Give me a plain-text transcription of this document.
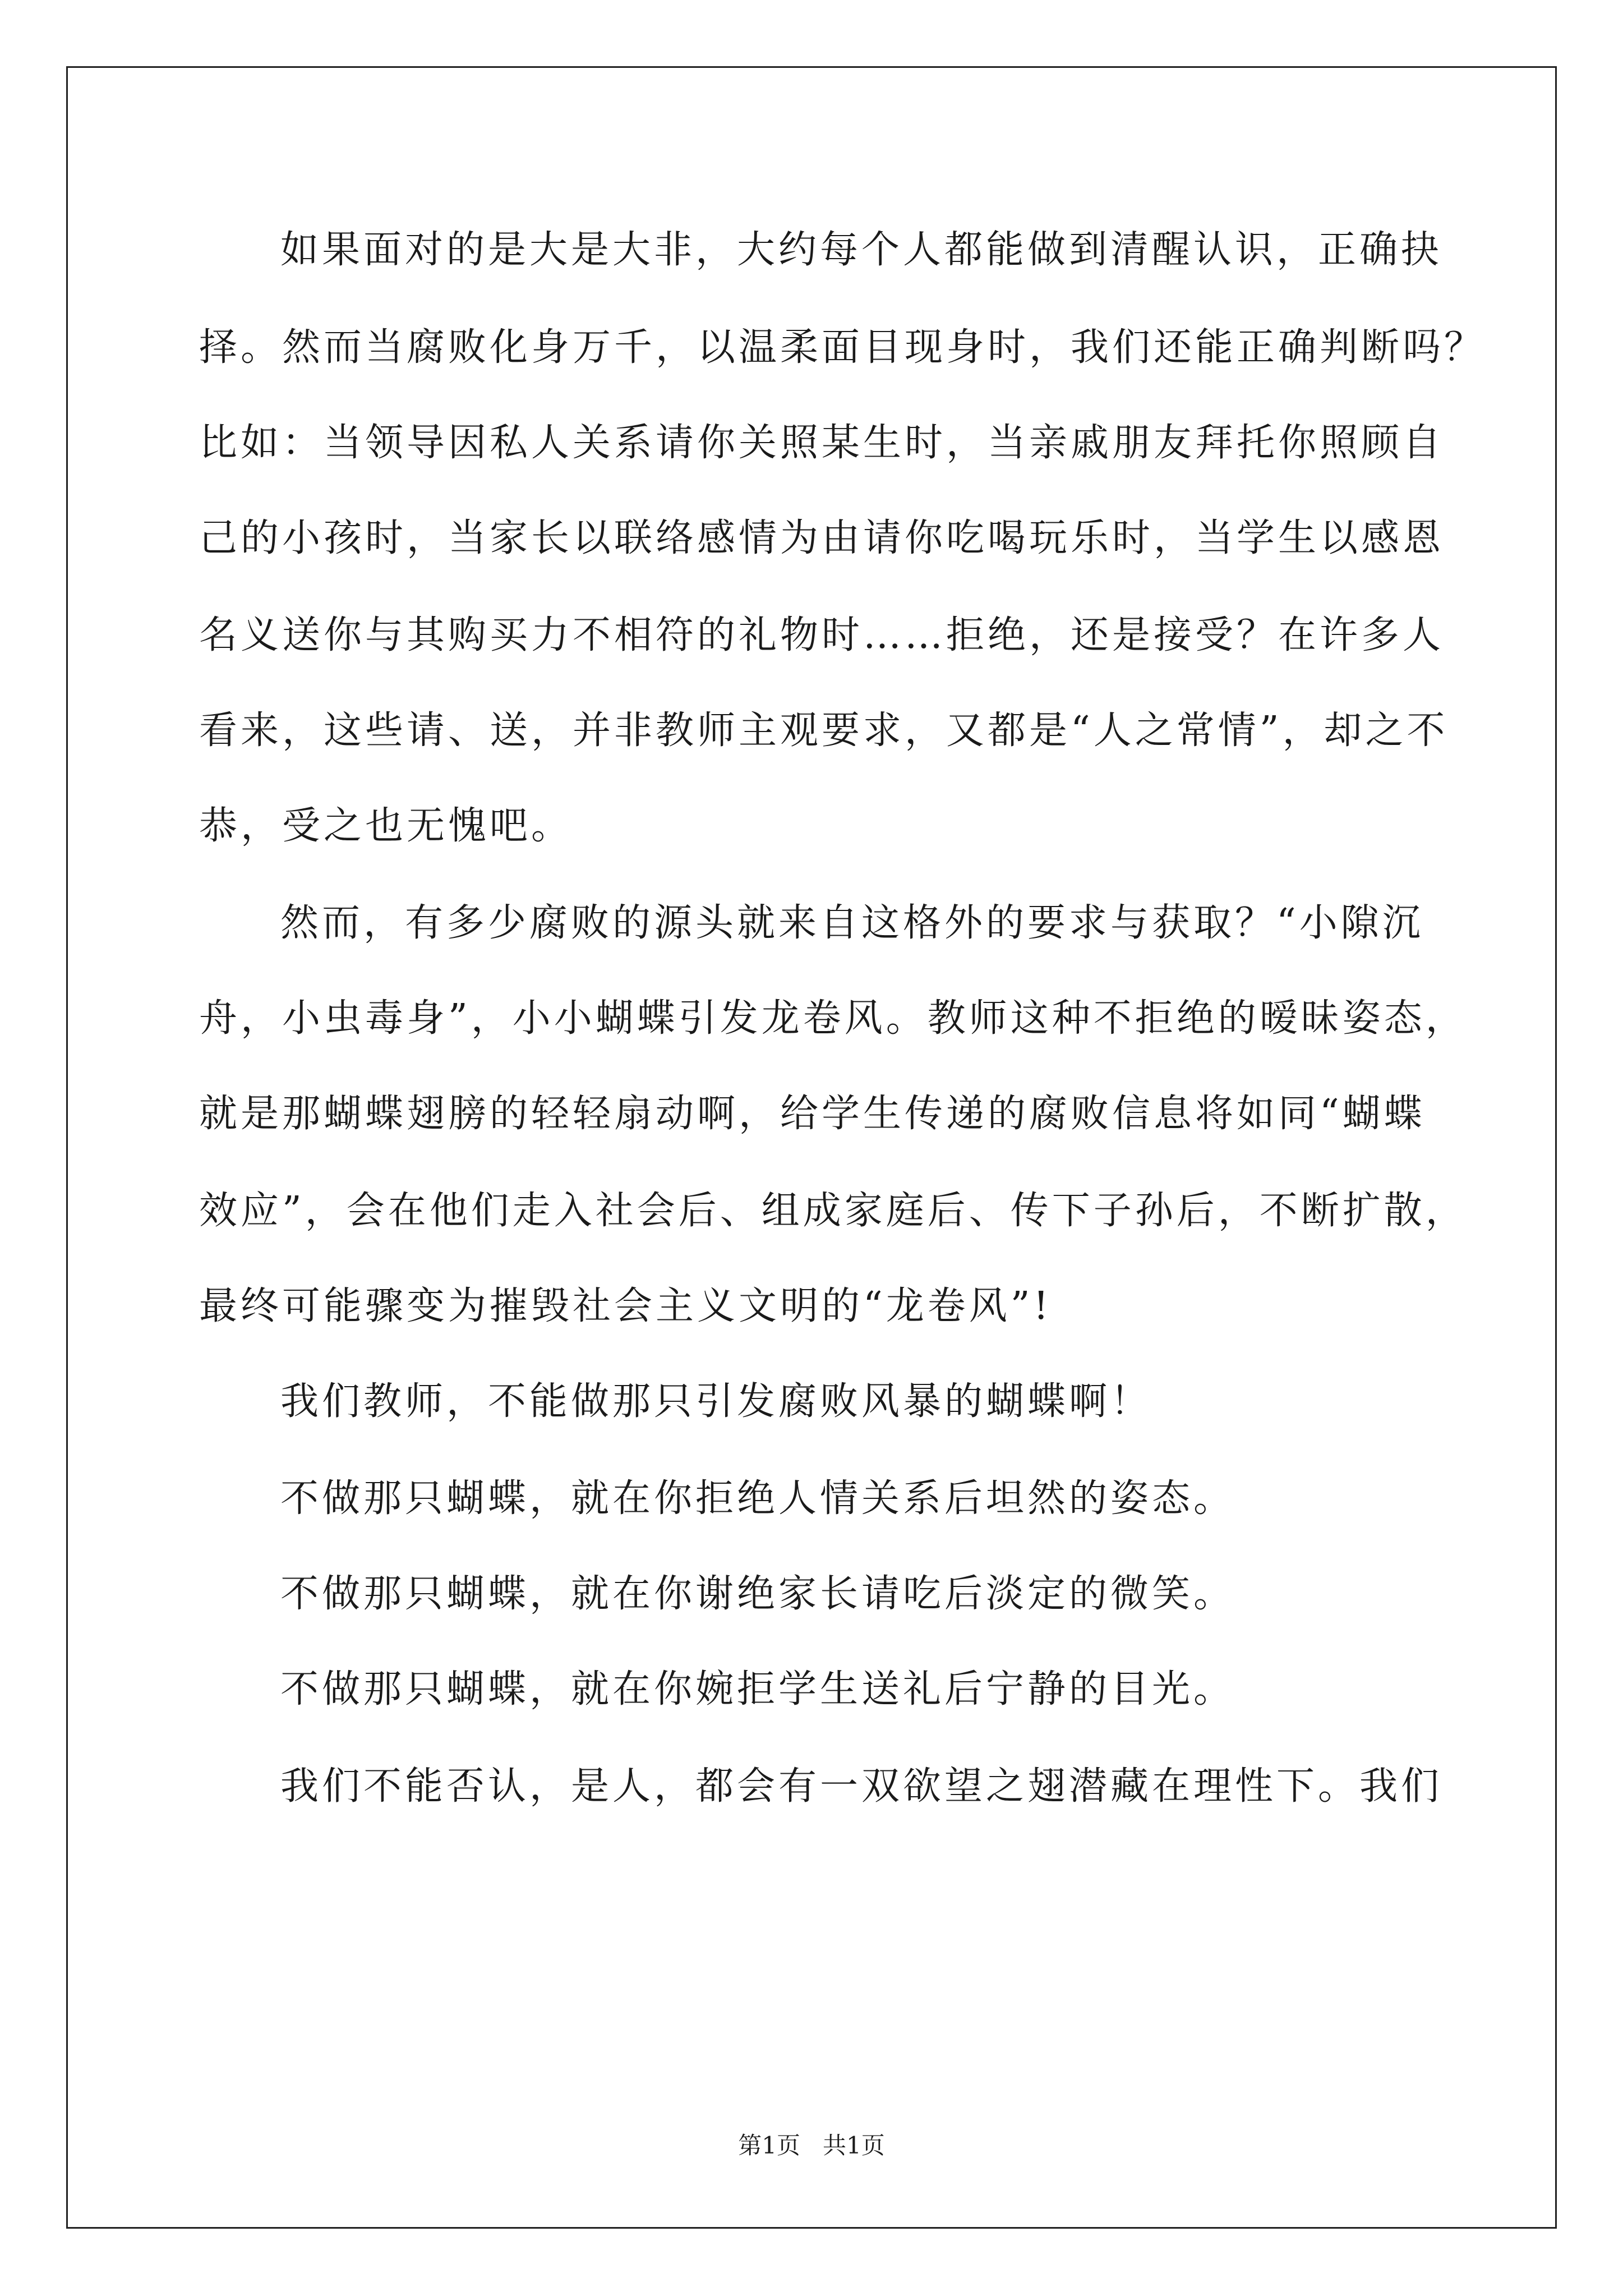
如果面对的是大是大非，大约每个人都能做到清醒认识，正确抉
择。然而当腐败化身万千，以温柔面目现身时，我们还能正确判断吗？
比如：当领导因私人关系请你关照某生时，当亲戚朋友拜托你照顾自
己的小孩时，当家长以联络感情为由请你吃喝玩乐时，当学生以感恩
名义送你与其购买力不相符的礼物时……拒绝，还是接受？在许多人
看来，这些请、送，并非教师主观要求，又都是“人之常情”，却之不
恭，受之也无愧吧。
然而，有多少腐败的源头就来自这格外的要求与获取？“小隙沉
舟，小虫毒身”，小小蝴蝶引发龙卷风。教师这种不拒绝的暧昧姿态，
就是那蝴蝶翅膀的轻轻扇动啊，给学生传递的腐败信息将如同“蝴蝶
效应”，会在他们走入社会后、组成家庭后、传下子孙后，不断扩散，
最终可能骤变为摧毁社会主义文明的“龙卷风”!
我们教师，不能做那只引发腐败风暴的蝴蝶啊！
不做那只蝴蝶，就在你拒绝人情关系后坦然的姿态。
不做那只蝴蝶，就在你谢绝家长请吃后淡定的微笑。
不做那只蝴蝶，就在你婉拒学生送礼后宁静的目光。
我们不能否认，是人，都会有一双欲望之翅潜藏在理性下。我们
第1页   共1页
